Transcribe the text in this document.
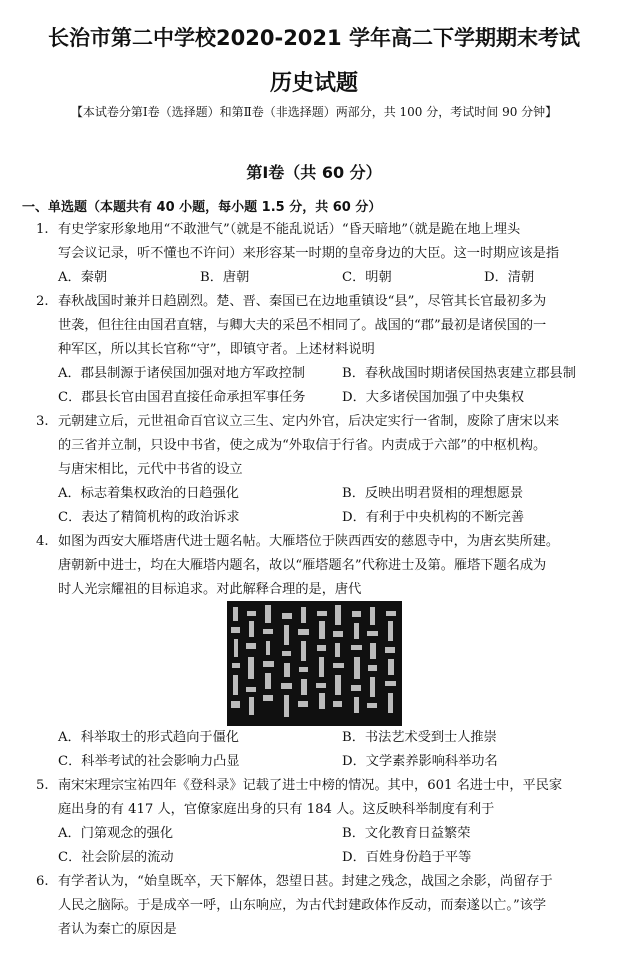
长治市第二中学校2020-2021 学年高二下学期期末考试
历史试题
【本试卷分第Ⅰ卷（选择题）和第Ⅱ卷（非选择题）两部分，共 100 分，考试时间 90 分钟】
第Ⅰ卷（共 60 分）
一、单选题（本题共有 40 小题，每小题 1.5 分，共 60 分）
1. 有史学家形象地用“不敢泄气”（就是不能乱说话）“昏天暗地”（就是跪在地上埋头
写会议记录，听不懂也不许问）来形容某一时期的皇帝身边的大臣。这一时期应该是指
A．秦朝	B．唐朝	C．明朝	D．清朝
2. 春秋战国时兼并日趋剧烈。楚、晋、秦国已在边地重镇设“县”，尽管其长官最初多为
世袭，但往往由国君直辖，与卿大夫的采邑不相同了。战国的“郡”最初是诸侯国的一
种军区，所以其长官称“守”，即镇守者。上述材料说明
A．郡县制源于诸侯国加强对地方军政控制	B．春秋战国时期诸侯国热衷建立郡县制
C．郡县长官由国君直接任命承担军事任务	D．大多诸侯国加强了中央集权
3. 元朝建立后，元世祖命百官议立三生、定内外官，后决定实行一省制，废除了唐宋以来
的三省并立制，只设中书省，使之成为“外取信于行省。内责成于六部”的中枢机构。
与唐宋相比，元代中书省的设立
A．标志着集权政治的日趋强化	B．反映出明君贤相的理想愿景
C．表达了精简机构的政治诉求	D．有利于中央机构的不断完善
4. 如图为西安大雁塔唐代进士题名帖。大雁塔位于陕西西安的慈恩寺中，为唐玄奘所建。
唐朝新中进士，均在大雁塔内题名，故以“雁塔题名”代称进士及第。雁塔下题名成为
时人光宗耀祖的目标追求。对此解释合理的是，唐代
A．科举取士的形式趋向于僵化	B．书法艺术受到士人推崇
C．科举考试的社会影响力凸显	D．文学素养影响科举功名
5. 南宋宋理宗宝祐四年《登科录》记载了进士中榜的情况。其中，601 名进士中，平民家
庭出身的有 417 人，官僚家庭出身的只有 184 人。这反映科举制度有利于
A．门第观念的强化	B．文化教育日益繁荣
C．社会阶层的流动	D．百姓身份趋于平等
6. 有学者认为，“始皇既卒，天下解体，怨望日甚。封建之残念，战国之余影，尚留存于
人民之脑际。于是成卒一呼，山东响应，为古代封建政体作反动，而秦遂以亡。”该学
者认为秦亡的原因是
